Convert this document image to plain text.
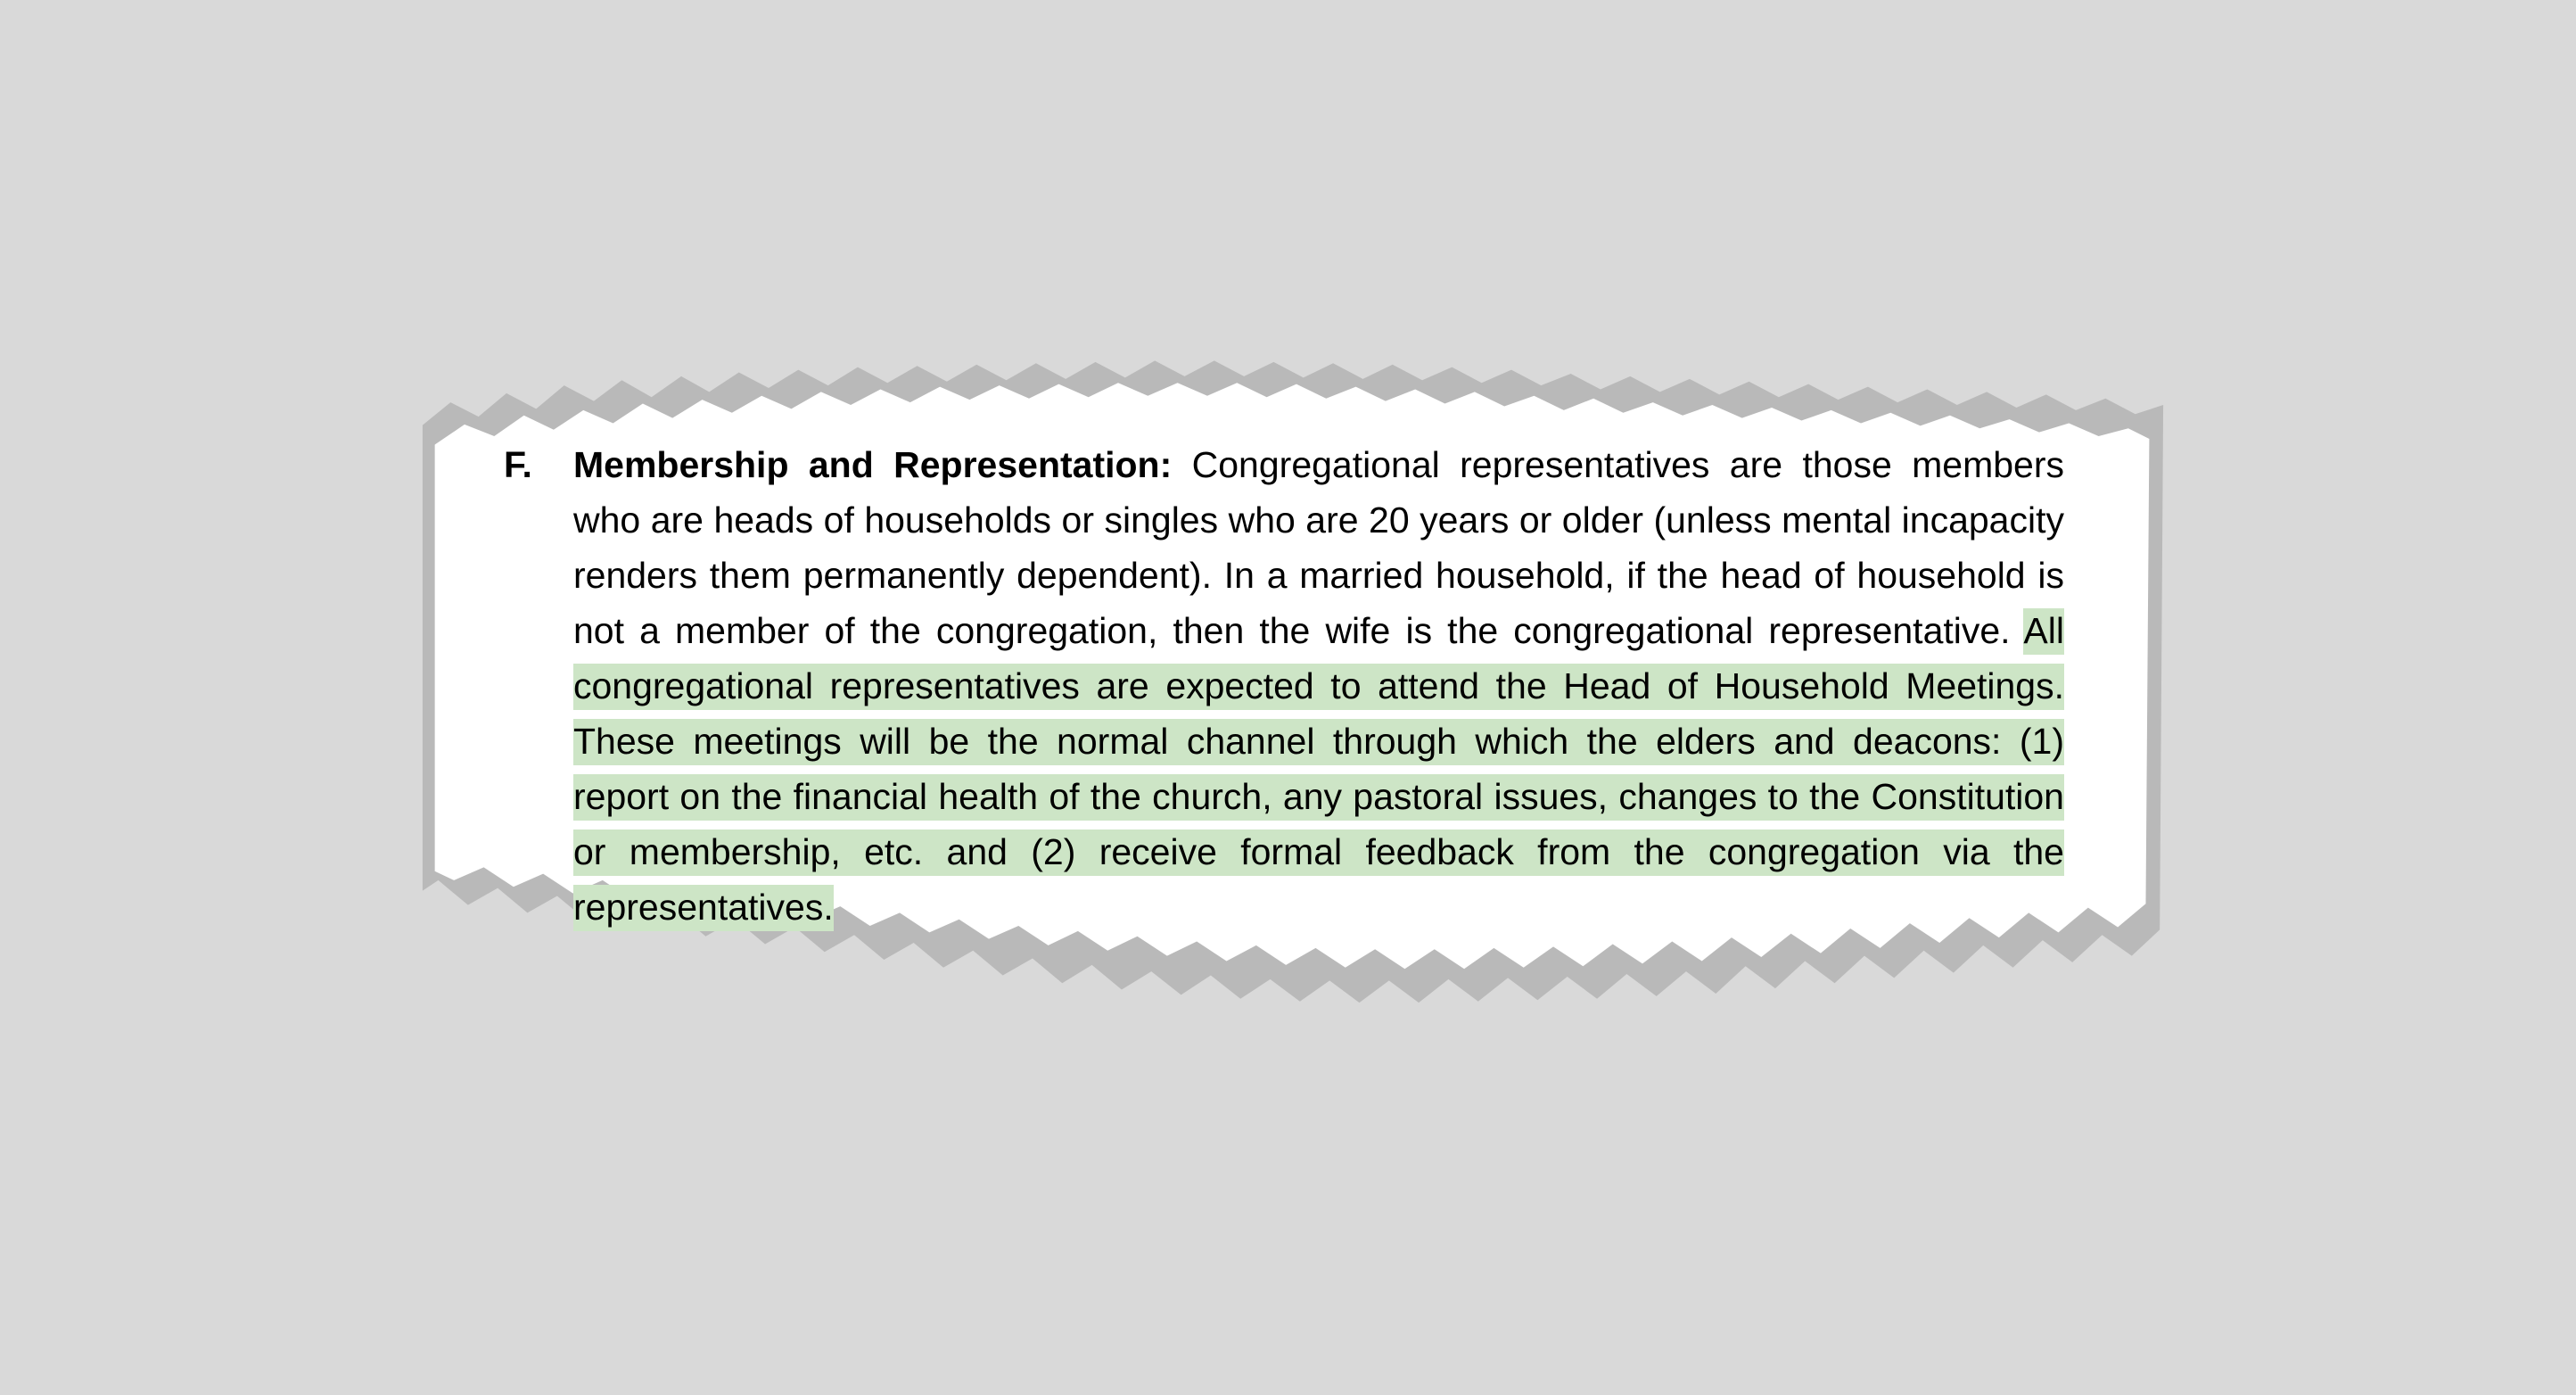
F.	Membership and Representation: Congregational representatives are those members who are heads of households or singles who are 20 years or older (unless mental incapacity renders them permanently dependent). In a married household, if the head of household is not a member of the congregation, then the wife is the congregational representative. All congregational representatives are expected to attend the Head of Household Meetings. These meetings will be the normal channel through which the elders and deacons: (1) report on the financial health of the church, any pastoral issues, changes to the Constitution or membership, etc. and (2) receive formal feedback from the congregation via the representatives.
